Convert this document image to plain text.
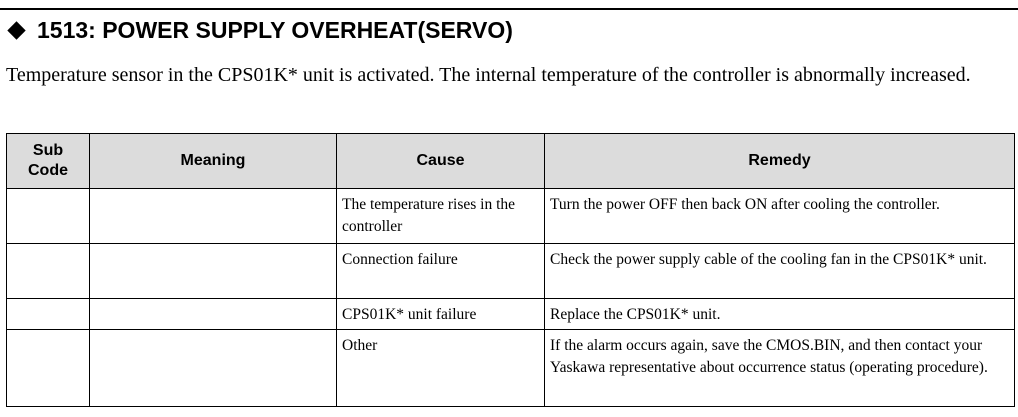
1513: POWER SUPPLY OVERHEAT(SERVO)
Temperature sensor in the CPS01K* unit is activated. The internal temperature of the controller is abnormally increased.
Sub Code	Meaning	Cause	Remedy
		The temperature rises in the controller	Turn the power OFF then back ON after cooling the controller.
		Connection failure	Check the power supply cable of the cooling fan in the CPS01K* unit.
		CPS01K* unit failure	Replace the CPS01K* unit.
		Other	If the alarm occurs again, save the CMOS.BIN, and then contact your Yaskawa representative about occurrence status (operating procedure).
